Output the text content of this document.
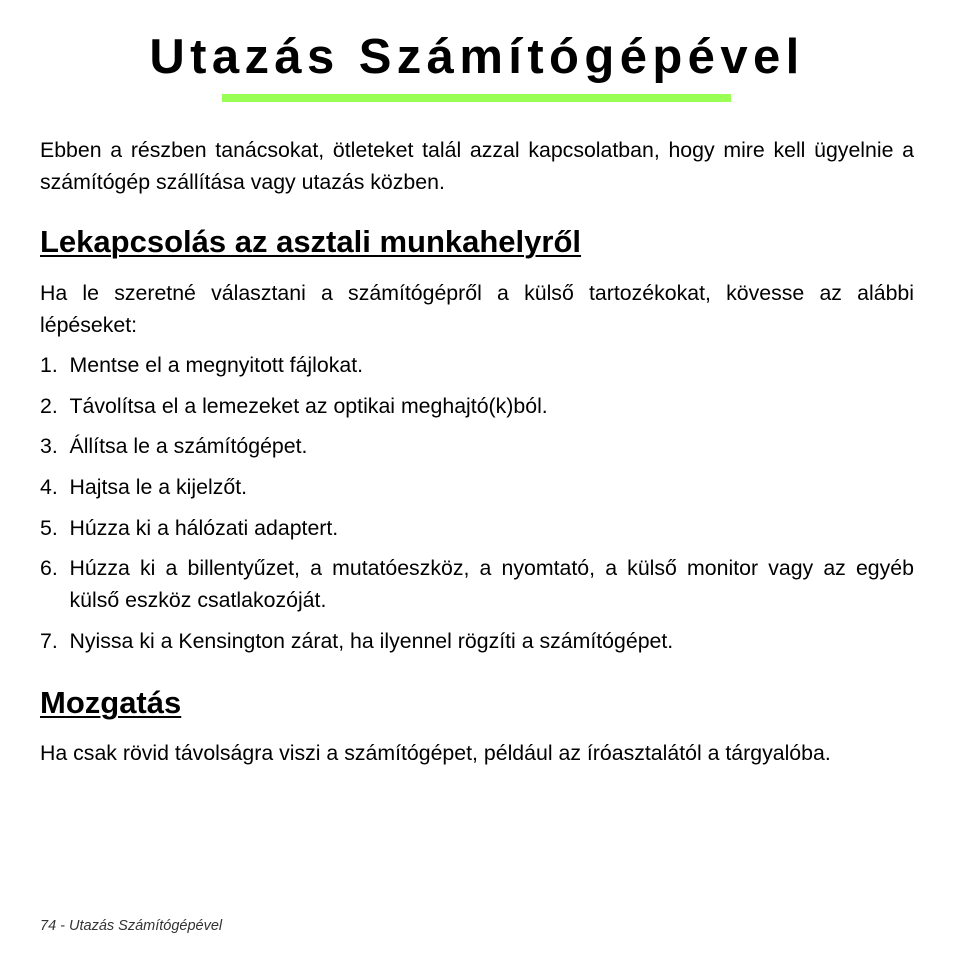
Utazás Számítógépével

Ebben a részben tanácsokat, ötleteket talál azzal kapcsolatban, hogy mire kell ügyelnie a számítógép szállítása vagy utazás közben.

Lekapcsolás az asztali munkahelyről

Ha le szeretné választani a számítógépről a külső tartozékokat, kövesse az alábbi lépéseket:

1. Mentse el a megnyitott fájlokat.
2. Távolítsa el a lemezeket az optikai meghajtó(k)ból.
3. Állítsa le a számítógépet.
4. Hajtsa le a kijelzőt.
5. Húzza ki a hálózati adaptert.
6. Húzza ki a billentyűzet, a mutatóeszköz, a nyomtató, a külső monitor vagy az egyéb külső eszköz csatlakozóját.
7. Nyissa ki a Kensington zárat, ha ilyennel rögzíti a számítógépet.
Mozgatás

Ha csak rövid távolságra viszi a számítógépet, például az íróasztalától a tárgyalóba.

74 - Utazás Számítógépével
